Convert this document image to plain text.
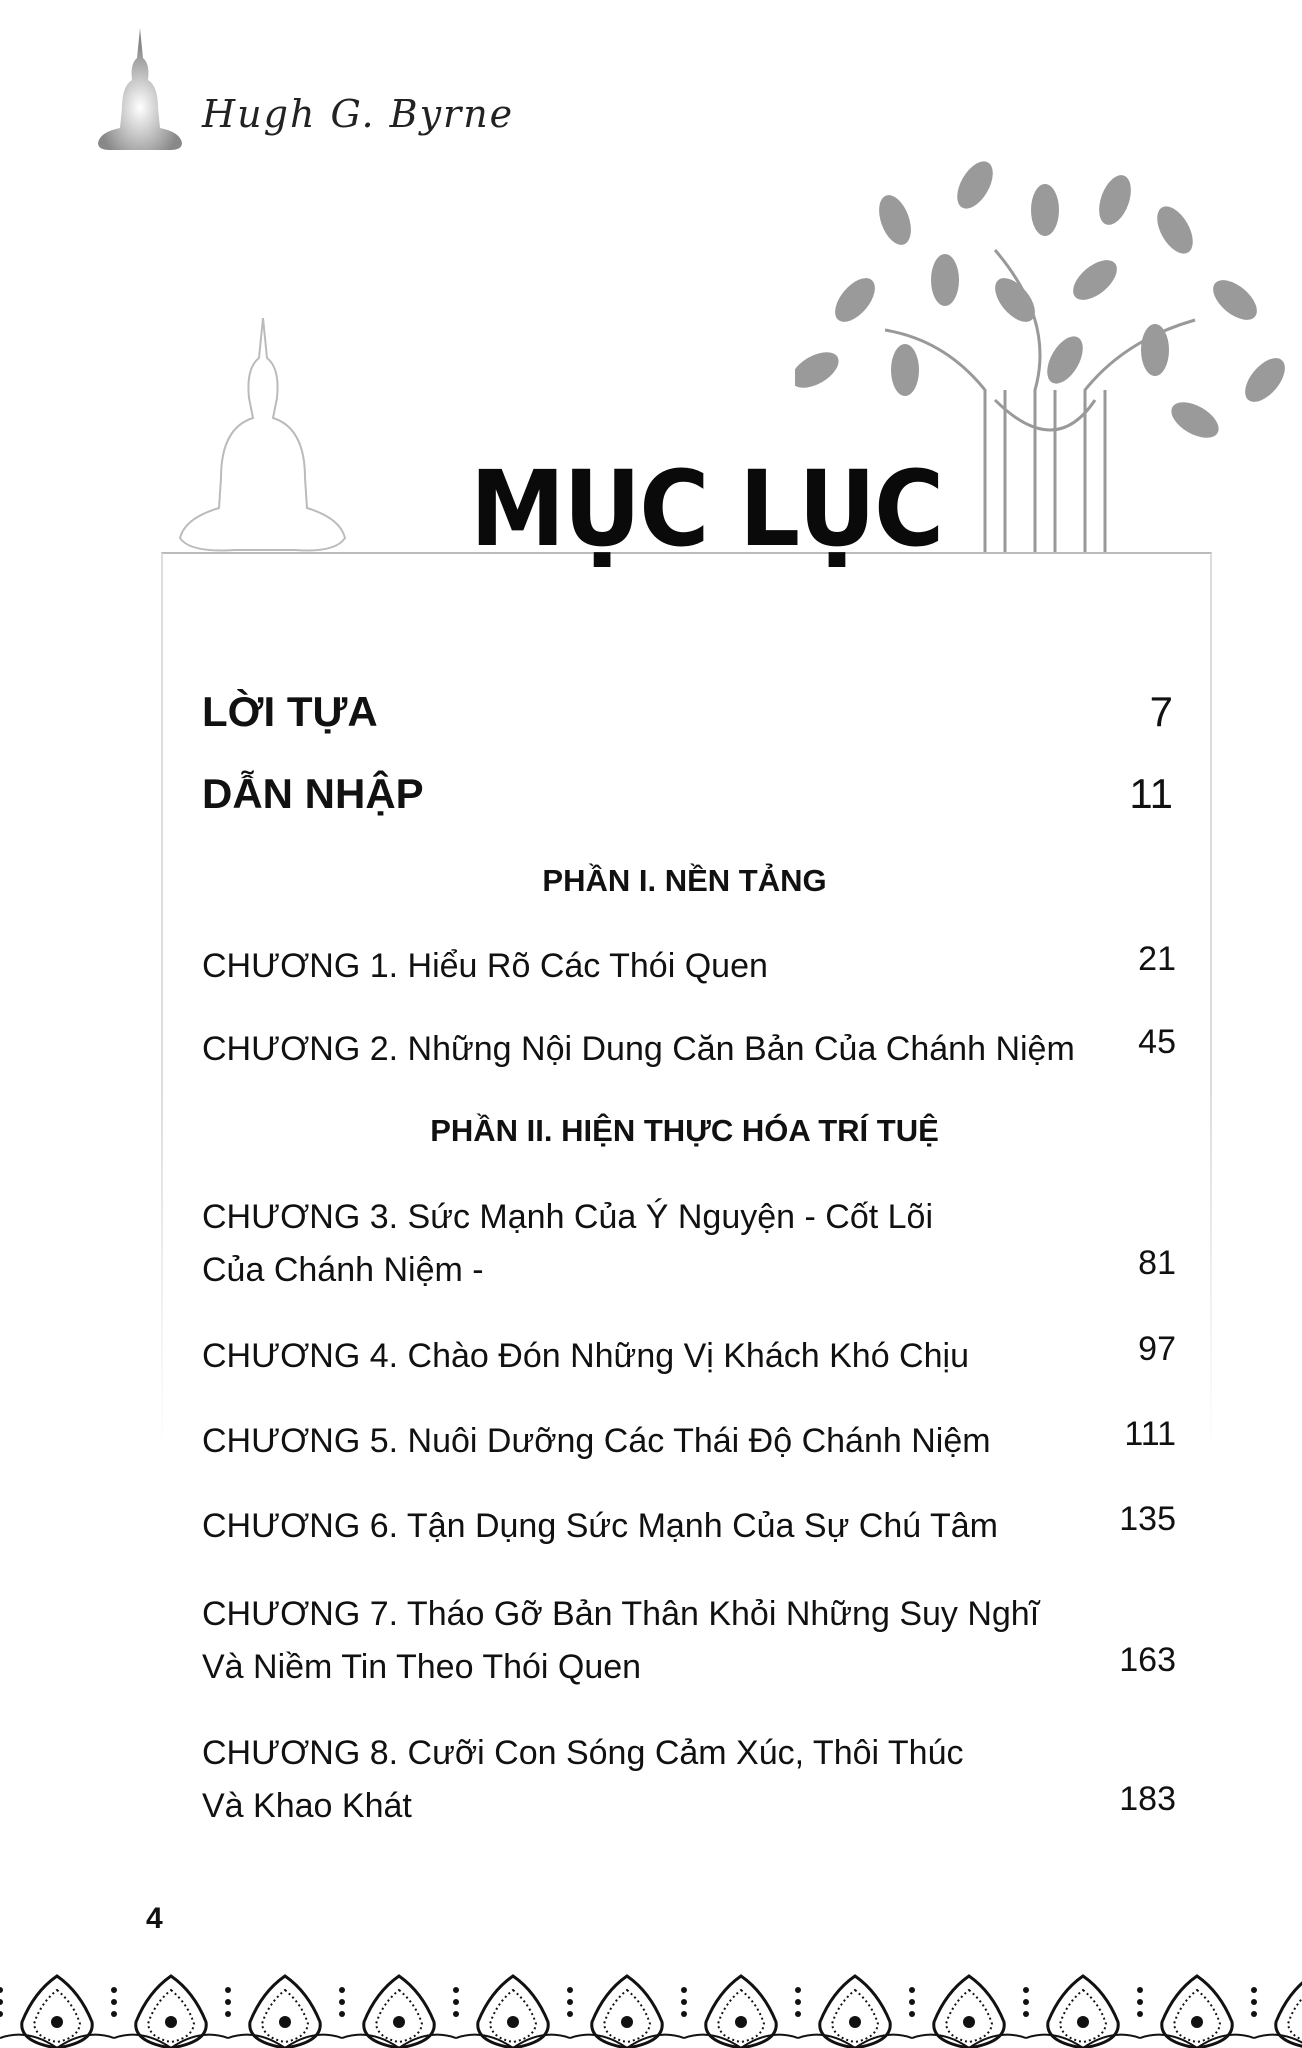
Hugh G. Byrne
MỤC LỤC
LỜI TỰA	7
DẪN NHẬP	11
PHẦN I. NỀN TẢNG
CHƯƠNG 1. Hiểu Rõ Các Thói Quen	21
CHƯƠNG 2. Những Nội Dung Căn Bản Của Chánh Niệm 45
PHẦN II. HIỆN THỰC HÓA TRÍ TUỆ
CHƯƠNG 3. Sức Mạnh Của Ý Nguyện - Cốt Lõi
Của Chánh Niệm -	81
CHƯƠNG 4. Chào Đón Những Vị Khách Khó Chịu	97
CHƯƠNG 5. Nuôi Dưỡng Các Thái Độ Chánh Niệm	111
CHƯƠNG 6. Tận Dụng Sức Mạnh Của Sự Chú Tâm	135
CHƯƠNG 7. Tháo Gỡ Bản Thân Khỏi Những Suy Nghĩ
Và Niềm Tin Theo Thói Quen	163
CHƯƠNG 8. Cưỡi Con Sóng Cảm Xúc, Thôi Thúc
Và Khao Khát	183
4
